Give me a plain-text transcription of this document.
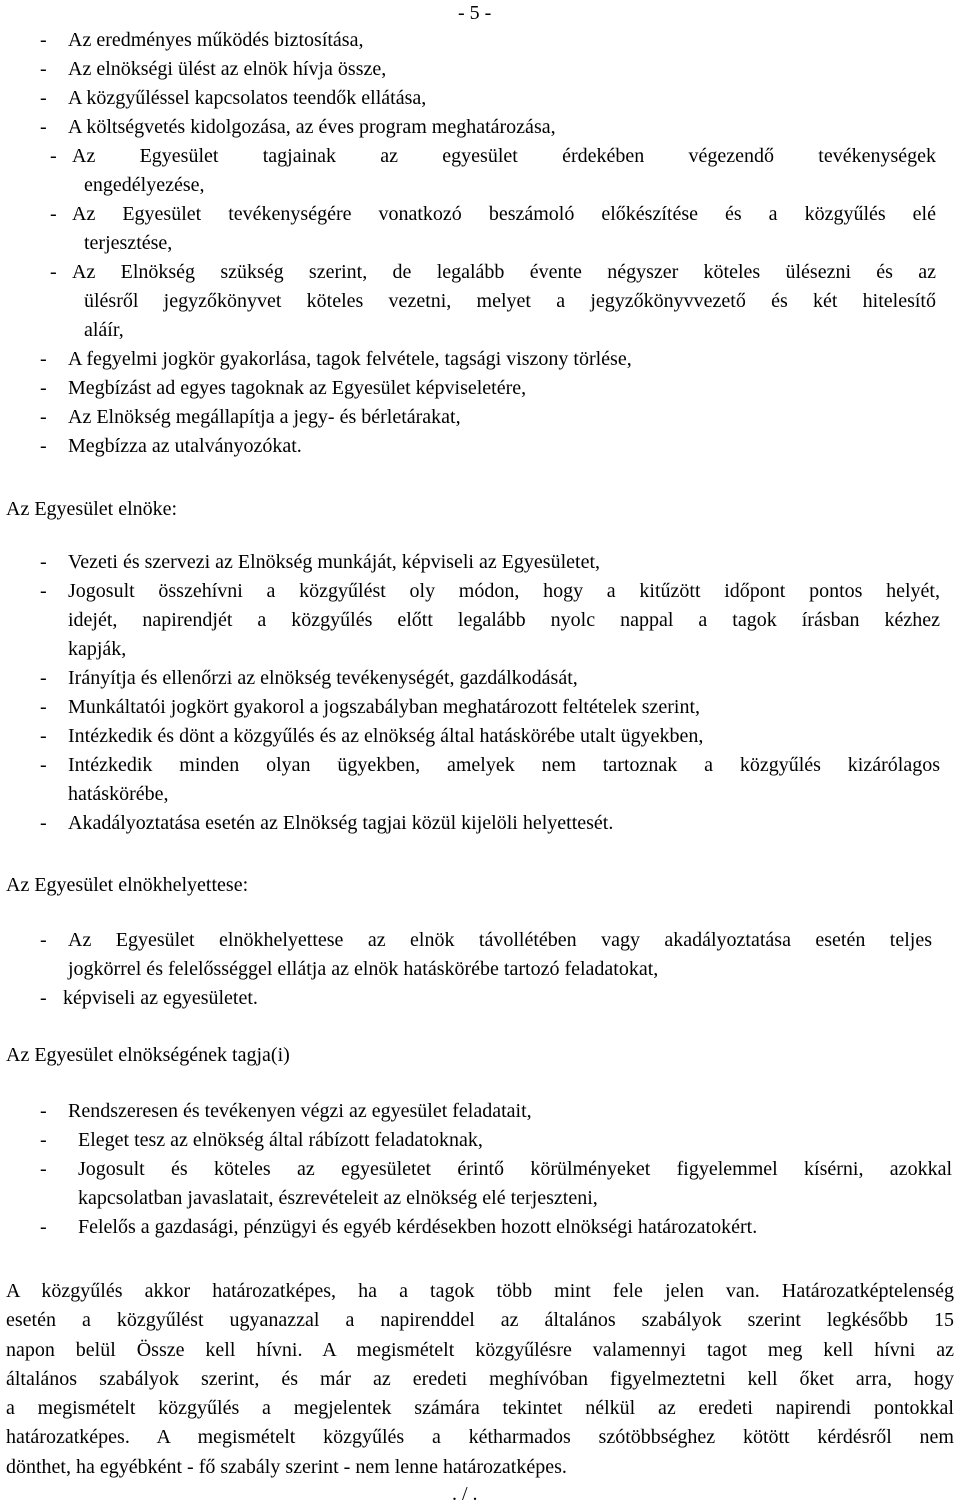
- 5 -
- Az eredményes működés biztosítása,
- Az elnökségi ülést az elnök hívja össze,
- A közgyűléssel kapcsolatos teendők ellátása,
- A költségvetés kidolgozása, az éves program meghatározása,
- Az Egyesület tagjainak az egyesület érdekében végezendő tevékenységek
engedélyezése,
- Az Egyesület tevékenységére vonatkozó beszámoló előkészítése és a közgyűlés elé
terjesztése,
- Az Elnökség szükség szerint, de legalább évente négyszer köteles ülésezni és az
ülésről jegyzőkönyvet köteles vezetni, melyet a jegyzőkönyvvezető és két hitelesítő
aláír,
- A fegyelmi jogkör gyakorlása, tagok felvétele, tagsági viszony törlése,
- Megbízást ad egyes tagoknak az Egyesület képviseletére,
- Az Elnökség megállapítja a jegy- és bérletárakat,
- Megbízza az utalványozókat.
Az Egyesület elnöke:
- Vezeti és szervezi az Elnökség munkáját, képviseli az Egyesületet,
- Jogosult összehívni a közgyűlést oly módon, hogy a kitűzött időpont pontos helyét,
idejét, napirendjét a közgyűlés előtt legalább nyolc nappal a tagok írásban kézhez
kapják,
- Irányítja és ellenőrzi az elnökség tevékenységét, gazdálkodását,
- Munkáltatói jogkört gyakorol a jogszabályban meghatározott feltételek szerint,
- Intézkedik és dönt a közgyűlés és az elnökség által hatáskörébe utalt ügyekben,
- Intézkedik minden olyan ügyekben, amelyek nem tartoznak a közgyűlés kizárólagos
hatáskörébe,
- Akadályoztatása esetén az Elnökség tagjai közül kijelöli helyettesét.
Az Egyesület elnökhelyettese:
- Az Egyesület elnökhelyettese az elnök távollétében vagy akadályoztatása esetén teljes
jogkörrel és felelősséggel ellátja az elnök hatáskörébe tartozó feladatokat,
- képviseli az egyesületet.
Az Egyesület elnökségének tagja(i)
- Rendszeresen és tevékenyen végzi az egyesület feladatait,
- Eleget tesz az elnökség által rábízott feladatoknak,
- Jogosult és köteles az egyesületet érintő körülményeket figyelemmel kísérni, azokkal
kapcsolatban javaslatait, észrevételeit az elnökség elé terjeszteni,
- Felelős a gazdasági, pénzügyi és egyéb kérdésekben hozott elnökségi határozatokért.
A közgyűlés akkor határozatképes, ha a tagok több mint fele jelen van. Határozatképtelenség
esetén a közgyűlést ugyanazzal a napirenddel az általános szabályok szerint legkésőbb 15
napon belül Össze kell hívni. A megismételt közgyűlésre valamennyi tagot meg kell hívni az
általános szabályok szerint, és már az eredeti meghívóban figyelmeztetni kell őket arra, hogy
a megismételt közgyűlés a megjelentek számára tekintet nélkül az eredeti napirendi pontokkal
határozatképes. A megismételt közgyűlés a kétharmados szótöbbséghez kötött kérdésről nem
dönthet, ha egyébként - fő szabály szerint - nem lenne határozatképes.
. / .
